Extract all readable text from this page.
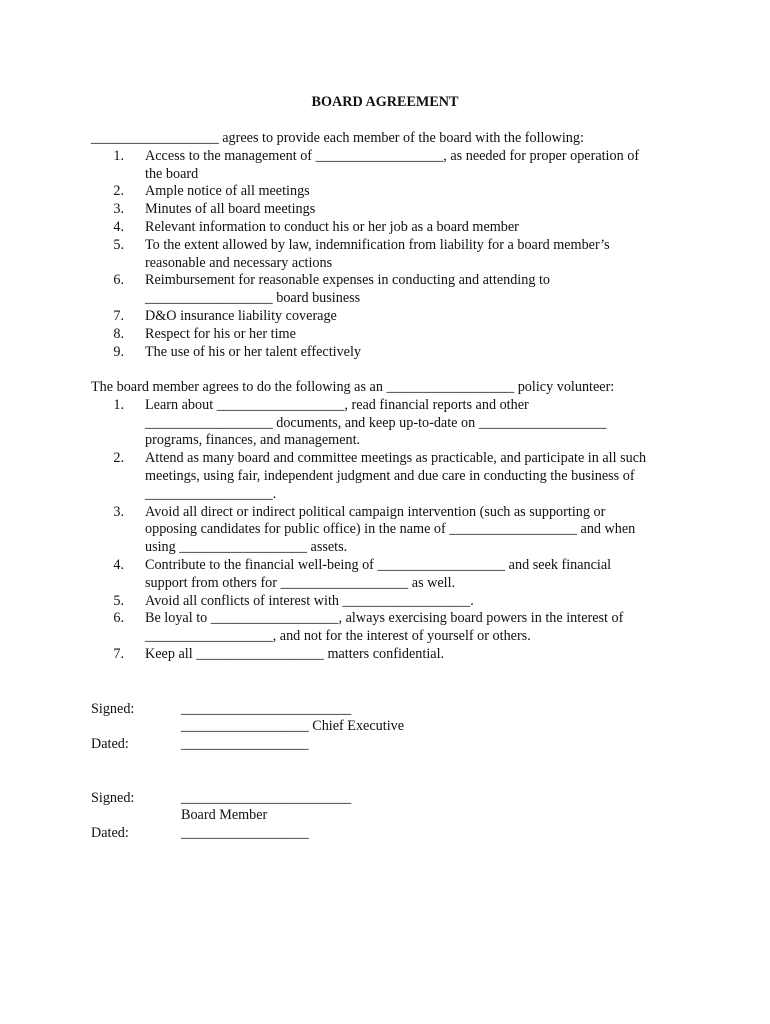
BOARD AGREEMENT

__________________ agrees to provide each member of the board with the following:

1. Access to the management of __________________, as needed for proper operation of
the board
2. Ample notice of all meetings
3. Minutes of all board meetings
4. Relevant information to conduct his or her job as a board member
5. To the extent allowed by law, indemnification from liability for a board member’s
reasonable and necessary actions
6. Reimbursement for reasonable expenses in conducting and attending to
__________________ board business
7. D&O insurance liability coverage
8. Respect for his or her time
9. The use of his or her talent effectively

The board member agrees to do the following as an __________________ policy volunteer:

1. Learn about __________________, read financial reports and other
__________________ documents, and keep up-to-date on __________________
programs, finances, and management.
2. Attend as many board and committee meetings as practicable, and participate in all such
meetings, using fair, independent judgment and due care in conducting the business of
__________________.
3. Avoid all direct or indirect political campaign intervention (such as supporting or
opposing candidates for public office) in the name of __________________ and when
using __________________ assets.
4. Contribute to the financial well-being of __________________ and seek financial
support from others for __________________ as well.
5. Avoid all conflicts of interest with __________________.
6. Be loyal to __________________, always exercising board powers in the interest of
__________________, and not for the interest of yourself or others.
7. Keep all __________________ matters confidential.
Signed:	________________________
__________________ Chief Executive
Dated:	__________________
Signed:	________________________
Board Member
Dated:	__________________
